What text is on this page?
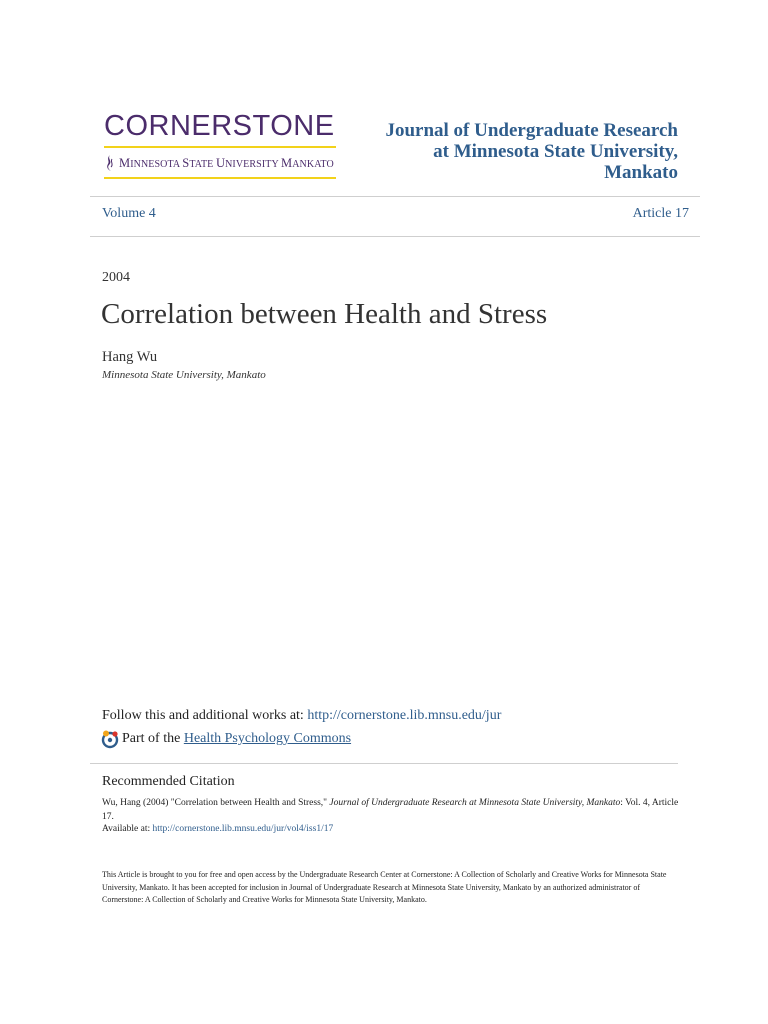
CORNERSTONE
MINNESOTA STATE UNIVERSITY MANKATO
Journal of Undergraduate Research
at Minnesota State University,
Mankato
Volume 4	Article 17
2004
Correlation between Health and Stress
Hang Wu
Minnesota State University, Mankato
Follow this and additional works at: http://cornerstone.lib.mnsu.edu/jur
Part of the Health Psychology Commons
Recommended Citation
Wu, Hang (2004) "Correlation between Health and Stress," Journal of Undergraduate Research at Minnesota State University, Mankato: Vol. 4, Article 17.
Available at: http://cornerstone.lib.mnsu.edu/jur/vol4/iss1/17
This Article is brought to you for free and open access by the Undergraduate Research Center at Cornerstone: A Collection of Scholarly and Creative Works for Minnesota State University, Mankato. It has been accepted for inclusion in Journal of Undergraduate Research at Minnesota State University, Mankato by an authorized administrator of Cornerstone: A Collection of Scholarly and Creative Works for Minnesota State University, Mankato.
